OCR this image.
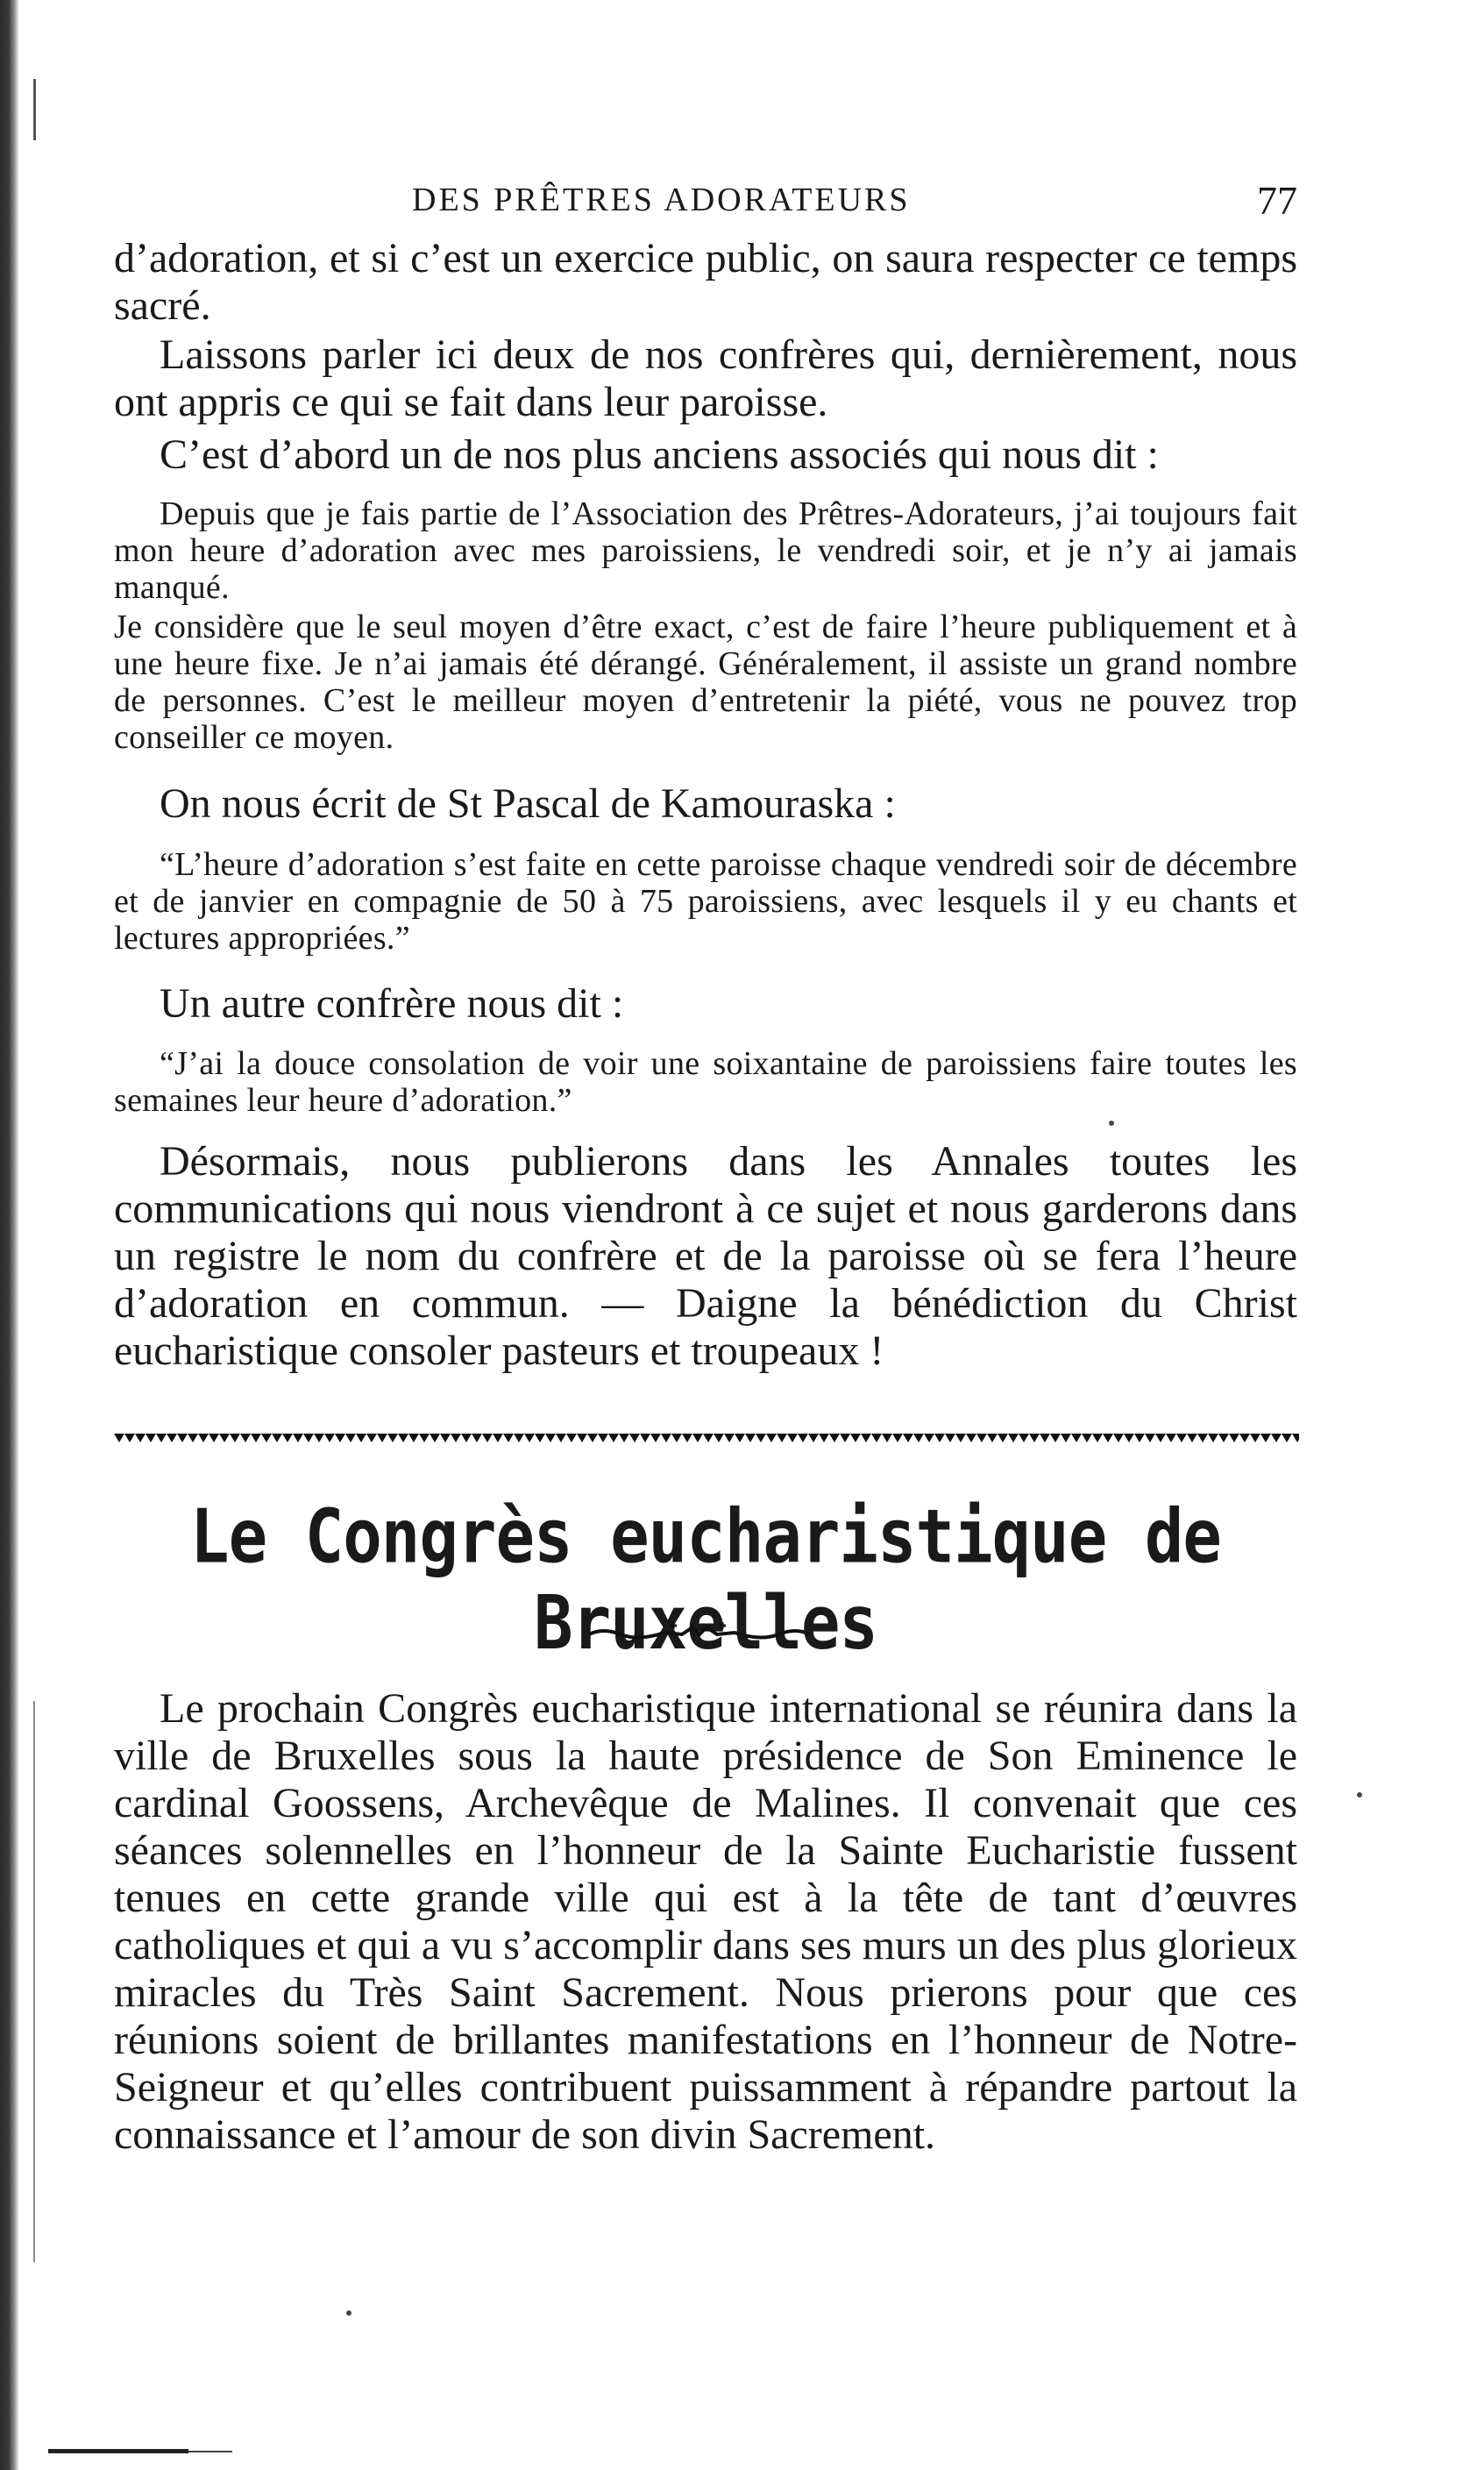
DES PRÊTRES ADORATEURS	77

d’adoration, et si c’est un exercice public, on saura respecter ce temps sacré.

Laissons parler ici deux de nos confrères qui, dernièrement, nous ont appris ce qui se fait dans leur paroisse.

C’est d’abord un de nos plus anciens associés qui nous dit :

Depuis que je fais partie de l’Association des Prêtres-Adorateurs, j’ai toujours fait mon heure d’adoration avec mes paroissiens, le vendredi soir, et je n’y ai jamais manqué.

Je considère que le seul moyen d’être exact, c’est de faire l’heure publiquement et à une heure fixe. Je n’ai jamais été dérangé. Généralement, il assiste un grand nombre de personnes. C’est le meilleur moyen d’entretenir la piété, vous ne pouvez trop conseiller ce moyen.

On nous écrit de St Pascal de Kamouraska :

“L’heure d’adoration s’est faite en cette paroisse chaque vendredi soir de décembre et de janvier en compagnie de 50 à 75 paroissiens, avec lesquels il y eu chants et lectures appropriées.”

Un autre confrère nous dit :

“J’ai la douce consolation de voir une soixantaine de paroissiens faire toutes les semaines leur heure d’adoration.”

Désormais, nous publierons dans les Annales toutes les communications qui nous viendront à ce sujet et nous garderons dans un registre le nom du confrère et de la paroisse où se fera l’heure d’adoration en commun. — Daigne la bénédiction du Christ eucharistique consoler pasteurs et troupeaux !

Le Congrès eucharistique de Bruxelles

Le prochain Congrès eucharistique international se réunira dans la ville de Bruxelles sous la haute présidence de Son Eminence le cardinal Goossens, Archevêque de Malines. Il convenait que ces séances solennelles en l’honneur de la Sainte Eucharistie fussent tenues en cette grande ville qui est à la tête de tant d’œuvres catholiques et qui a vu s’accomplir dans ses murs un des plus glorieux miracles du Très Saint Sacrement. Nous prierons pour que ces réunions soient de brillantes manifestations en l’honneur de Notre-Seigneur et qu’elles contribuent puissamment à répandre partout la connaissance et l’amour de son divin Sacrement.
